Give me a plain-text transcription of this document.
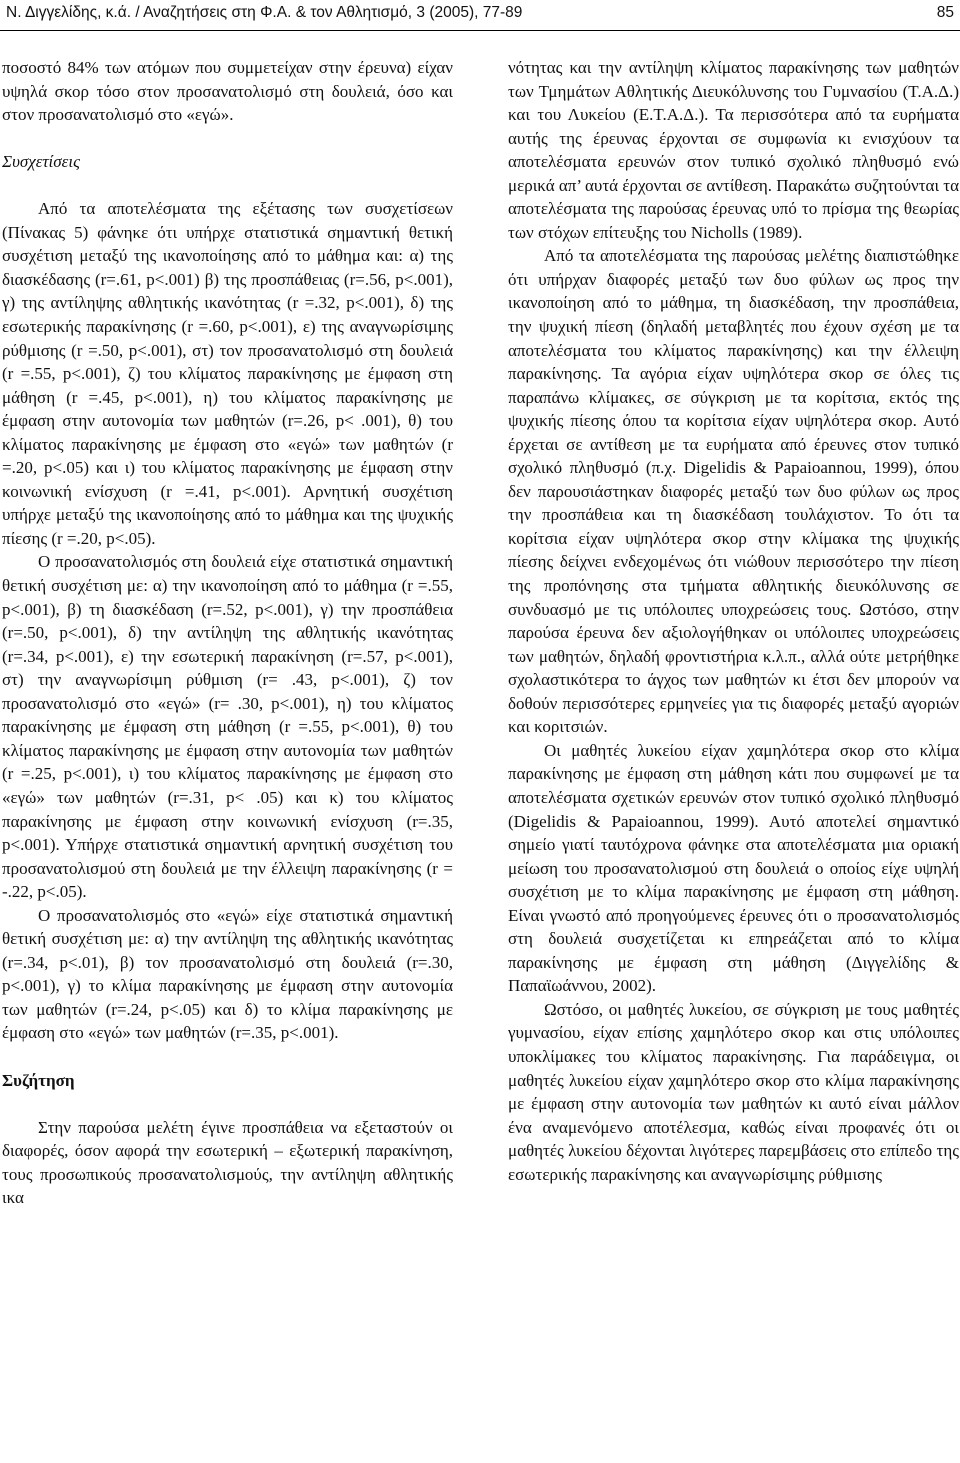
Ν. Διγγελίδης, κ.ά. / Αναζητήσεις στη Φ.Α. & τον Αθλητισμό, 3 (2005), 77-89	85

ποσοστό 84% των ατόμων που συμμετείχαν στην έρευνα) είχαν υψηλά σκορ τόσο στον προσανατολισμό στη δουλειά, όσο και στον προσανατολισμό στο «εγώ».

Συσχετίσεις

Από τα αποτελέσματα της εξέτασης των συσχετίσεων (Πίνακας 5) φάνηκε ότι υπήρχε στατιστικά σημαντική θετική συσχέτιση μεταξύ της ικανοποίησης από το μάθημα και: α) της διασκέδασης (r=.61, p<.001) β) της προσπάθειας (r=.56, p<.001), γ) της αντίληψης αθλητικής ικανότητας (r =.32, p<.001), δ) της εσωτερικής παρακίνησης (r =.60, p<.001), ε) της αναγνωρίσιμης ρύθμισης (r =.50, p<.001), στ) τον προσανατολισμό στη δουλειά (r =.55, p<.001), ζ) του κλίματος παρακίνησης με έμφαση στη μάθηση (r =.45, p<.001), η) του κλίματος παρακίνησης με έμφαση στην αυτονομία των μαθητών (r=.26, p< .001), θ) του κλίματος παρακίνησης με έμφαση στο «εγώ» των μαθητών (r =.20, p<.05) και ι) του κλίματος παρακίνησης με έμφαση στην κοινωνική ενίσχυση (r =.41, p<.001). Αρνητική συσχέτιση υπήρχε μεταξύ της ικανοποίησης από το μάθημα και της ψυχικής πίεσης (r =.20, p<.05).

Ο προσανατολισμός στη δουλειά είχε στατιστικά σημαντική θετική συσχέτιση με: α) την ικανοποίηση από το μάθημα (r =.55, p<.001), β) τη διασκέδαση (r=.52, p<.001), γ) την προσπάθεια (r=.50, p<.001), δ) την αντίληψη της αθλητικής ικανότητας (r=.34, p<.001), ε) την εσωτερική παρακίνηση (r=.57, p<.001), στ) την αναγνωρίσιμη ρύθμιση (r= .43, p<.001), ζ) τον προσανατολισμό στο «εγώ» (r= .30, p<.001), η) του κλίματος παρακίνησης με έμφαση στη μάθηση (r =.55, p<.001), θ) του κλίματος παρακίνησης με έμφαση στην αυτονομία των μαθητών (r =.25, p<.001), ι) του κλίματος παρακίνησης με έμφαση στο «εγώ» των μαθητών (r=.31, p< .05) και κ) του κλίματος παρακίνησης με έμφαση στην κοινωνική ενίσχυση (r=.35, p<.001). Υπήρχε στατιστικά σημαντική αρνητική συσχέτιση του προσανατολισμού στη δουλειά με την έλλειψη παρακίνησης (r = -.22, p<.05).

Ο προσανατολισμός στο «εγώ» είχε στατιστικά σημαντική θετική συσχέτιση με: α) την αντίληψη της αθλητικής ικανότητας (r=.34, p<.01), β) τον προσανατολισμό στη δουλειά (r=.30, p<.001), γ) το κλίμα παρακίνησης με έμφαση στην αυτονομία των μαθητών (r=.24, p<.05) και δ) το κλίμα παρακίνησης με έμφαση στο «εγώ» των μαθητών (r=.35, p<.001).

Συζήτηση

Στην παρούσα μελέτη έγινε προσπάθεια να εξεταστούν οι διαφορές, όσον αφορά την εσωτερική – εξωτερική παρακίνηση, τους προσωπικούς προσανατολισμούς, την αντίληψη αθλητικής ικα

νότητας και την αντίληψη κλίματος παρακίνησης των μαθητών των Τμημάτων Αθλητικής Διευκόλυνσης του Γυμνασίου (Τ.Α.Δ.) και του Λυκείου (Ε.Τ.Α.Δ.). Τα περισσότερα από τα ευρήματα αυτής της έρευνας έρχονται σε συμφωνία κι ενισχύουν τα αποτελέσματα ερευνών στον τυπικό σχολικό πληθυσμό ενώ μερικά απ’ αυτά έρχονται σε αντίθεση. Παρακάτω συζητούνται τα αποτελέσματα της παρούσας έρευνας υπό το πρίσμα της θεωρίας των στόχων επίτευξης του Nicholls (1989).

Από τα αποτελέσματα της παρούσας μελέτης διαπιστώθηκε ότι υπήρχαν διαφορές μεταξύ των δυο φύλων ως προς την ικανοποίηση από το μάθημα, τη διασκέδαση, την προσπάθεια, την ψυχική πίεση (δηλαδή μεταβλητές που έχουν σχέση με τα αποτελέσματα του κλίματος παρακίνησης) και την έλλειψη παρακίνησης. Τα αγόρια είχαν υψηλότερα σκορ σε όλες τις παραπάνω κλίμακες, σε σύγκριση με τα κορίτσια, εκτός της ψυχικής πίεσης όπου τα κορίτσια είχαν υψηλότερα σκορ. Αυτό έρχεται σε αντίθεση με τα ευρήματα από έρευνες στον τυπικό σχολικό πληθυσμό (π.χ. Digelidis & Papaioannou, 1999), όπου δεν παρουσιάστηκαν διαφορές μεταξύ των δυο φύλων ως προς την προσπάθεια και τη διασκέδαση τουλάχιστον. Το ότι τα κορίτσια είχαν υψηλότερα σκορ στην κλίμακα της ψυχικής πίεσης δείχνει ενδεχομένως ότι νιώθουν περισσότερο την πίεση της προπόνησης στα τμήματα αθλητικής διευκόλυνσης σε συνδυασμό με τις υπόλοιπες υποχρεώσεις τους. Ωστόσο, στην παρούσα έρευνα δεν αξιολογήθηκαν οι υπόλοιπες υποχρεώσεις των μαθητών, δηλαδή φροντιστήρια κ.λ.π., αλλά ούτε μετρήθηκε σχολαστικότερα το άγχος των μαθητών κι έτσι δεν μπορούν να δοθούν περισσότερες ερμηνείες για τις διαφορές μεταξύ αγοριών και κοριτσιών.

Οι μαθητές λυκείου είχαν χαμηλότερα σκορ στο κλίμα παρακίνησης με έμφαση στη μάθηση κάτι που συμφωνεί με τα αποτελέσματα σχετικών ερευνών στον τυπικό σχολικό πληθυσμό (Digelidis & Papaioannou, 1999). Αυτό αποτελεί σημαντικό σημείο γιατί ταυτόχρονα φάνηκε στα αποτελέσματα μια οριακή μείωση του προσανατολισμού στη δουλειά ο οποίος είχε υψηλή συσχέτιση με το κλίμα παρακίνησης με έμφαση στη μάθηση. Είναι γνωστό από προηγούμενες έρευνες ότι ο προσανατολισμός στη δουλειά συσχετίζεται κι επηρεάζεται από το κλίμα παρακίνησης με έμφαση στη μάθηση (Διγγελίδης & Παπαϊωάννου, 2002).

Ωστόσο, οι μαθητές λυκείου, σε σύγκριση με τους μαθητές γυμνασίου, είχαν επίσης χαμηλότερο σκορ και στις υπόλοιπες υποκλίμακες του κλίματος παρακίνησης. Για παράδειγμα, οι μαθητές λυκείου είχαν χαμηλότερο σκορ στο κλίμα παρακίνησης με έμφαση στην αυτονομία των μαθητών κι αυτό είναι μάλλον ένα αναμενόμενο αποτέλεσμα, καθώς είναι προφανές ότι οι μαθητές λυκείου δέχονται λιγότερες παρεμβάσεις στο επίπεδο της εσωτερικής παρακίνησης και αναγνωρίσιμης ρύθμισης
